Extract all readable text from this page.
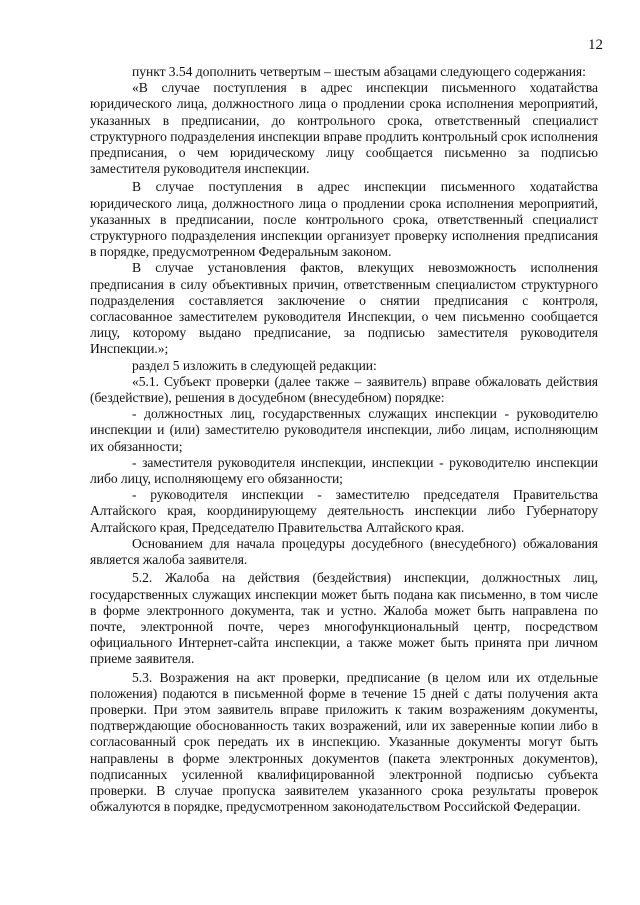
12

пункт 3.54 дополнить четвертым – шестым абзацами следующего содержания:

«В случае поступления в адрес инспекции письменного ходатайства юридического лица, должностного лица о продлении срока исполнения мероприятий, указанных в предписании, до контрольного срока, ответственный специалист структурного подразделения инспекции вправе продлить контрольный срок исполнения предписания, о чем юридическому лицу сообщается письменно за подписью заместителя руководителя инспекции.

В случае поступления в адрес инспекции письменного ходатайства юридического лица, должностного лица о продлении срока исполнения мероприятий, указанных в предписании, после контрольного срока, ответственный специалист структурного подразделения инспекции организует проверку исполнения предписания в порядке, предусмотренном Федеральным законом.

В случае установления фактов, влекущих невозможность исполнения предписания в силу объективных причин, ответственным специалистом структурного подразделения составляется заключение о снятии предписания с контроля, согласованное заместителем руководителя Инспекции, о чем письменно сообщается лицу, которому выдано предписание, за подписью заместителя руководителя Инспекции.»;

раздел 5 изложить в следующей редакции:

«5.1. Субъект проверки (далее также – заявитель) вправе обжаловать действия (бездействие), решения в досудебном (внесудебном) порядке:

- должностных лиц, государственных служащих инспекции - руководителю инспекции и (или) заместителю руководителя инспекции, либо лицам, исполняющим их обязанности;

- заместителя руководителя инспекции, инспекции - руководителю инспекции либо лицу, исполняющему его обязанности;

- руководителя инспекции - заместителю председателя Правительства Алтайского края, координирующему деятельность инспекции либо Губернатору Алтайского края, Председателю Правительства Алтайского края.

Основанием для начала процедуры досудебного (внесудебного) обжалования является жалоба заявителя.

5.2. Жалоба на действия (бездействия) инспекции, должностных лиц, государственных служащих инспекции может быть подана как письменно, в том числе в форме электронного документа, так и устно. Жалоба может быть направлена по почте, электронной почте, через многофункциональный центр, посредством официального Интернет-сайта инспекции, а также может быть принята при личном приеме заявителя.

5.3. Возражения на акт проверки, предписание (в целом или их отдельные положения) подаются в письменной форме в течение 15 дней с даты получения акта проверки. При этом заявитель вправе приложить к таким возражениям документы, подтверждающие обоснованность таких возражений, или их заверенные копии либо в согласованный срок передать их в инспекцию. Указанные документы могут быть направлены в форме электронных документов (пакета электронных документов), подписанных усиленной квалифицированной электронной подписью субъекта проверки. В случае пропуска заявителем указанного срока результаты проверок обжалуются в порядке, предусмотренном законодательством Российской Федерации.
